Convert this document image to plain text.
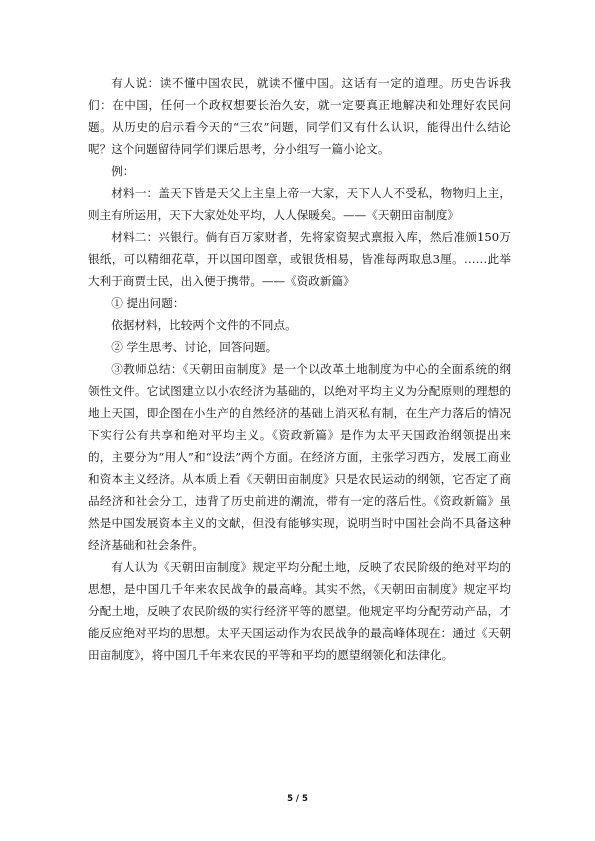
有人说：读不懂中国农民，就读不懂中国。这话有一定的道理。历史告诉我们：在中国，任何一个政权想要长治久安，就一定要真正地解决和处理好农民问题。从历史的启示看今天的“三农”问题，同学们又有什么认识，能得出什么结论呢？这个问题留待同学们课后思考，分小组写一篇小论文。

例：

材料一：盖天下皆是天父上主皇上帝一大家，天下人人不受私，物物归上主，则主有所运用，天下大家处处平均，人人保暖矣。——《天朝田亩制度》

材料二：兴银行。倘有百万家财者，先将家资契式禀报入库，然后准颁150万银纸，可以精细花草，开以国印图章，或银货相易，皆准每两取息3厘。……此举大利于商贾士民，出入便于携带。——《资政新篇》

① 提出问题：

依据材料，比较两个文件的不同点。

② 学生思考、讨论，回答问题。

③教师总结：《天朝田亩制度》是一个以改革土地制度为中心的全面系统的纲领性文件。它试图建立以小农经济为基础的，以绝对平均主义为分配原则的理想的地上天国，即企图在小生产的自然经济的基础上消灭私有制，在生产力落后的情况下实行公有共享和绝对平均主义。《资政新篇》是作为太平天国政治纲领提出来的，主要分为“用人”和“设法”两个方面。在经济方面，主张学习西方，发展工商业和资本主义经济。从本质上看《天朝田亩制度》只是农民运动的纲领，它否定了商品经济和社会分工，违背了历史前进的潮流，带有一定的落后性。《资政新篇》虽然是中国发展资本主义的文献，但没有能够实现，说明当时中国社会尚不具备这种经济基础和社会条件。

有人认为《天朝田亩制度》规定平均分配土地，反映了农民阶级的绝对平均的思想，是中国几千年来农民战争的最高峰。其实不然，《天朝田亩制度》规定平均分配土地，反映了农民阶级的实行经济平等的愿望。他规定平均分配劳动产品，才能反应绝对平均的思想。太平天国运动作为农民战争的最高峰体现在：通过《天朝田亩制度》，将中国几千年来农民的平等和平均的愿望纲领化和法律化。

5 / 5
